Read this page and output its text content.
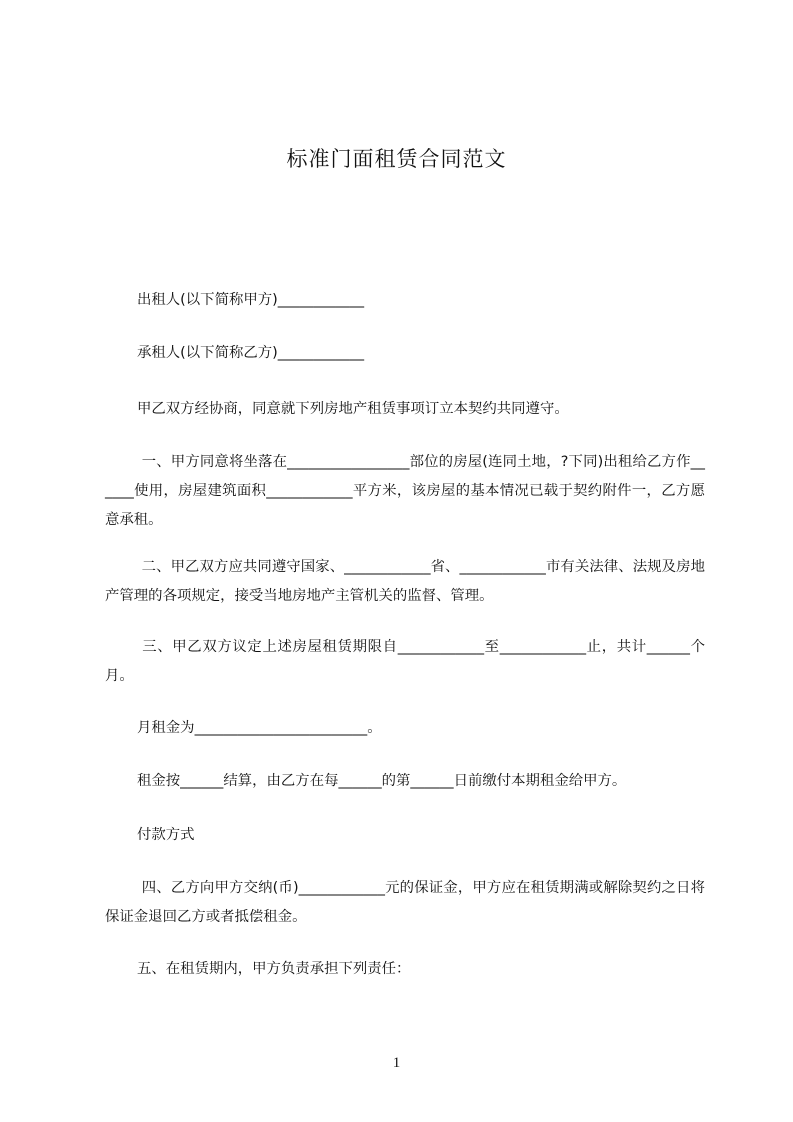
标准门面租赁合同范文
出租人(以下简称甲方)____________
承租人(以下简称乙方)____________
甲乙双方经协商，同意就下列房地产租赁事项订立本契约共同遵守。
一、甲方同意将坐落在_________________部位的房屋(连同土地，?下同)出租给乙方作______使用，房屋建筑面积____________平方米，该房屋的基本情况已载于契约附件一，乙方愿意承租。
二、甲乙双方应共同遵守国家、____________省、____________市有关法律、法规及房地产管理的各项规定，接受当地房地产主管机关的监督、管理。
三、甲乙双方议定上述房屋租赁期限自____________至____________止，共计______个月。
月租金为________________________。
租金按______结算，由乙方在每______的第______日前缴付本期租金给甲方。
付款方式
四、乙方向甲方交纳(币)____________元的保证金，甲方应在租赁期满或解除契约之日将保证金退回乙方或者抵偿租金。
五、在租赁期内，甲方负责承担下列责任：
1
